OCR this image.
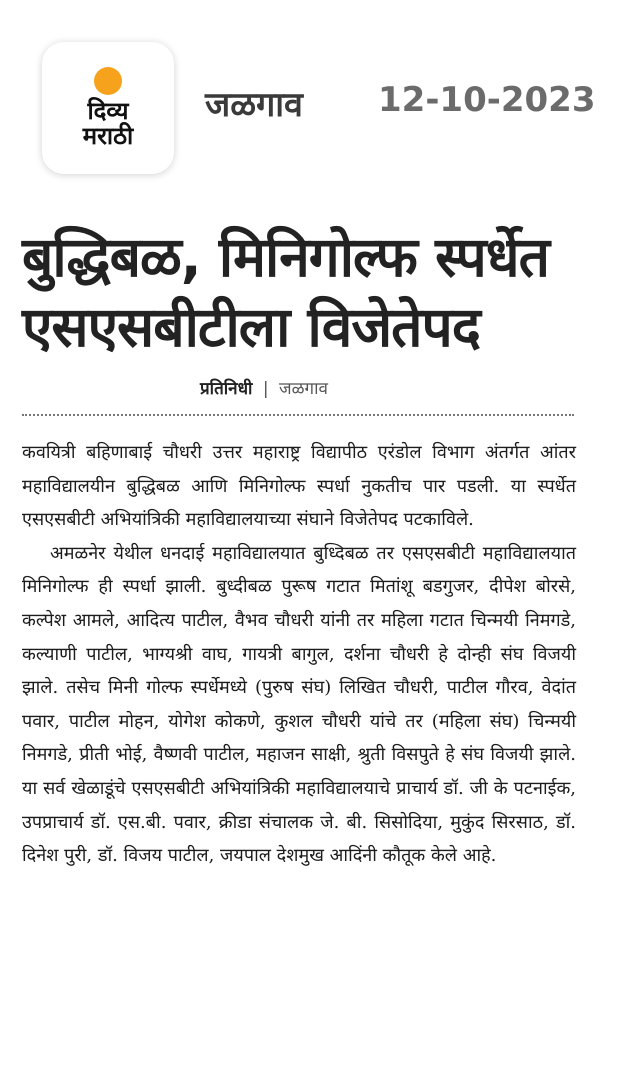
दिव्य
मराठी
जळगाव 12-10-2023
बुद्धिबळ, मिनिगोल्फ स्पर्धेत
एसएसबीटीला विजेतेपद
प्रतिनिधी | जळगाव

कवयित्री बहिणाबाई चौधरी उत्तर महाराष्ट्र विद्यापीठ एरंडोल विभाग अंतर्गत आंतर महाविद्यालयीन बुद्धिबळ आणि मिनिगोल्फ स्पर्धा नुकतीच पार पडली. या स्पर्धेत एसएसबीटी अभियांत्रिकी महाविद्यालयाच्या संघाने विजेतेपद पटकाविले.

अमळनेर येथील धनदाई महाविद्यालयात बुध्दिबळ तर एसएसबीटी महाविद्यालयात मिनिगोल्फ ही स्पर्धा झाली. बुध्दीबळ पुरूष गटात मितांशू बडगुजर, दीपेश बोरसे, कल्पेश आमले, आदित्य पाटील, वैभव चौधरी यांनी तर महिला गटात चिन्मयी निमगडे, कल्याणी पाटील, भाग्यश्री वाघ, गायत्री बागुल, दर्शना चौधरी हे दोन्ही संघ विजयी झाले. तसेच मिनी गोल्फ स्पर्धेमध्ये (पुरुष संघ) लिखित चौधरी, पाटील गौरव, वेदांत पवार, पाटील मोहन, योगेश कोकणे, कुशल चौधरी यांचे तर (महिला संघ) चिन्मयी निमगडे, प्रीती भोई, वैष्णवी पाटील, महाजन साक्षी, श्रुती विसपुते हे संघ विजयी झाले. या सर्व खेळाडूंचे एसएसबीटी अभियांत्रिकी महाविद्यालयाचे प्राचार्य डॉ. जी के पटनाईक, उपप्राचार्य डॉ. एस.बी. पवार, क्रीडा संचालक जे. बी. सिसोदिया, मुकुंद सिरसाठ, डॉ. दिनेश पुरी, डॉ. विजय पाटील, जयपाल देशमुख आदिंनी कौतूक केले आहे.
